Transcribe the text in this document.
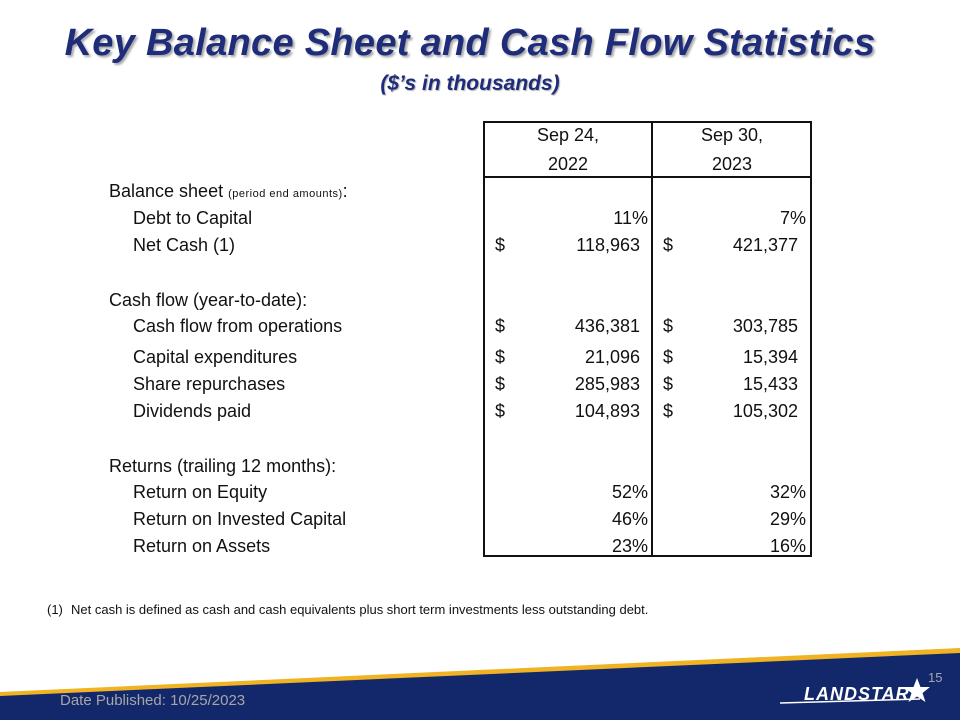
Key Balance Sheet and Cash Flow Statistics
($’s in thousands)
Sep 24,
2022
Sep 30,
2023
Balance sheet (period end amounts):
Debt to Capital	11%	7%
Net Cash (1)	$	118,963 $	421,377
Cash flow (year-to-date):
Cash flow from operations	$	436,381 $	303,785
Capital expenditures	$	21,096 $	15,394
Share repurchases	$	285,983 $	15,433
Dividends paid	$	104,893 $	105,302
Returns (trailing 12 months):
Return on Equity	52%	32%
Return on Invested Capital	46%	29%
Return on Assets	23%	16%
(1) Net cash is defined as cash and cash equivalents plus short term investments less outstanding debt.
Date Published: 10/25/2023
15
LANDSTAR
